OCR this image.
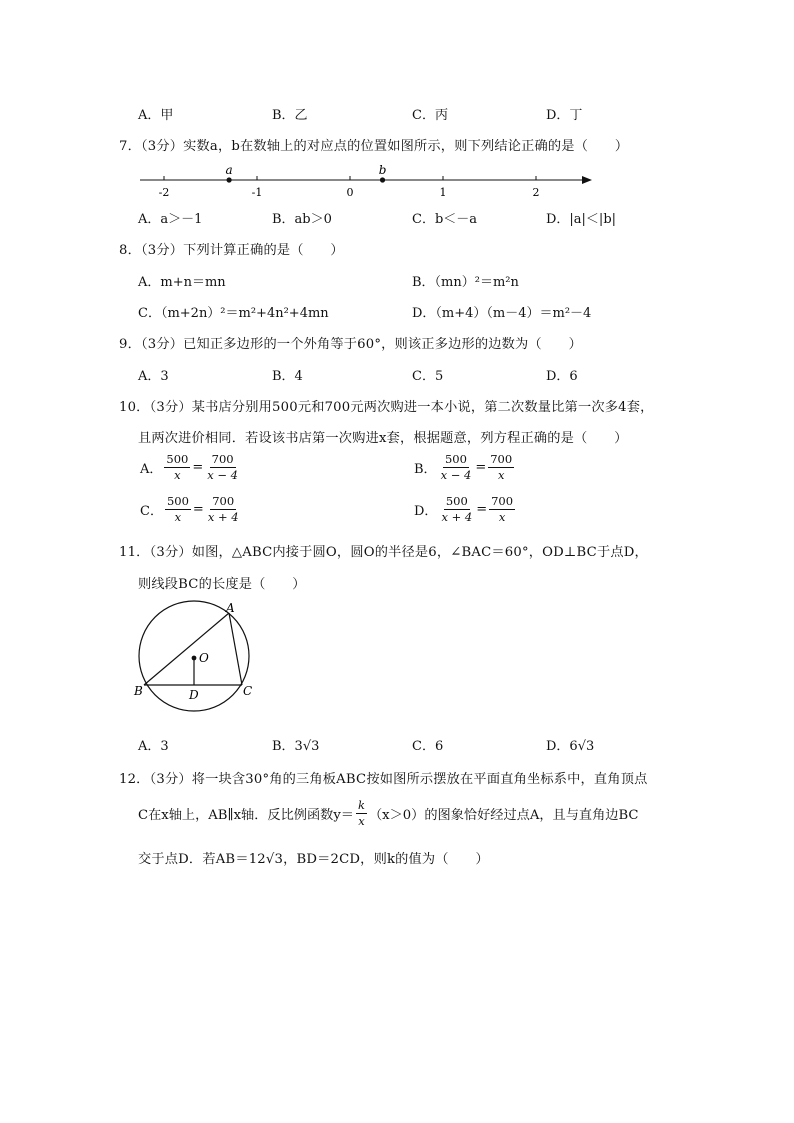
A．甲	B．乙	C．丙	D．丁
7．（3分）实数a，b在数轴上的对应点的位置如图所示，则下列结论正确的是（　　）
-2	-1	0	1	2
a	b
A．a＞－1	B．ab＞0	C．b＜－a	D．|a|＜|b|
8．（3分）下列计算正确的是（　　）
A．m+n＝mn	B．（mn）²＝m²n
C．（m+2n）²＝m²+4n²+4mn	D．（m+4）（m－4）＝m²－4
9．（3分）已知正多边形的一个外角等于60°，则该正多边形的边数为（　　）
A．3	B．4	C．5	D．6
10．（3分）某书店分别用500元和700元两次购进一本小说，第二次数量比第一次多4套，
且两次进价相同．若设该书店第一次购进x套，根据题意，列方程正确的是（　　）
A． $\frac{500}{x} = \frac{700}{x - 4}$	B． $\frac{500}{x - 4} = \frac{700}{x}$
C． $\frac{500}{x} = \frac{700}{x + 4}$	D． $\frac{500}{x + 4} = \frac{700}{x}$
11．（3分）如图，△ABC内接于圆O，圆O的半径是6，∠BAC＝60°，OD⊥BC于点D，
则线段BC的长度是（　　）
A
B	C
D
O
A．3	B．3√3	C．6	D．6√3
12．（3分）将一块含30°角的三角板ABC按如图所示摆放在平面直角坐标系中，直角顶点
C在x轴上，AB∥x轴．反比例函数$y= \frac{k}{x} (x>0)$的图象恰好经过点A，且与直角边BC
交于点D．若AB＝12√3，BD＝2CD，则k的值为（　　）
